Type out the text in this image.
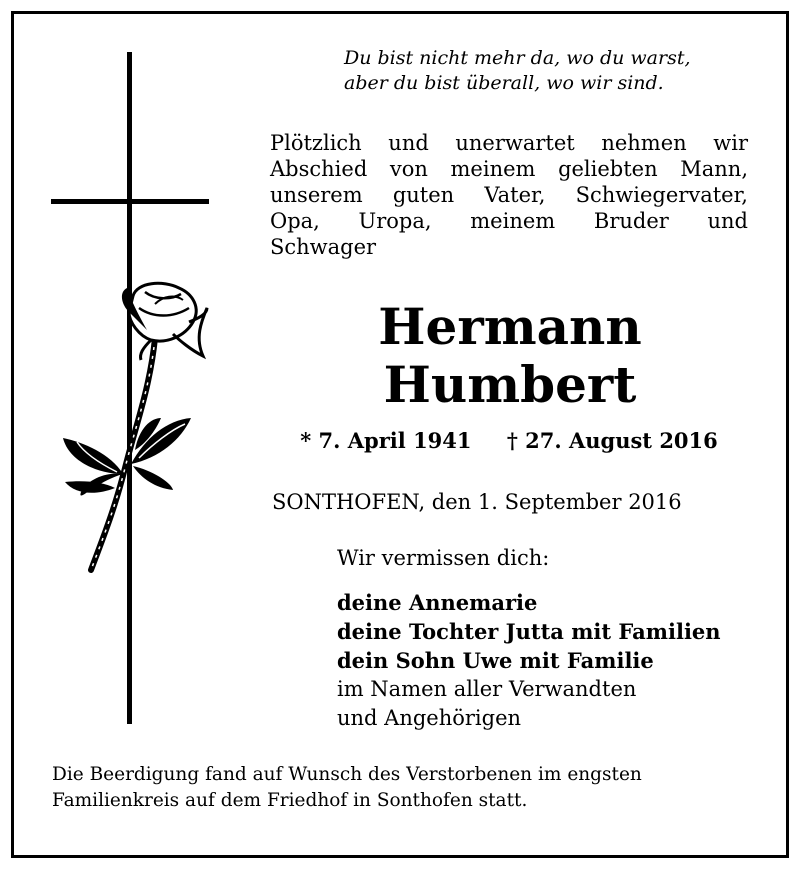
Du bist nicht mehr da, wo du warst,
aber du bist überall, wo wir sind.
Plötzlich und unerwartet nehmen wir
Abschied von meinem geliebten Mann,
unserem guten Vater, Schwiegervater,
Opa, Uropa, meinem Bruder und
Schwager
Hermann
Humbert
* 7. April 1941 † 27. August 2016
SONTHOFEN, den 1. September 2016
Wir vermissen dich:
deine Annemarie
deine Tochter Jutta mit Familien
dein Sohn Uwe mit Familie
im Namen aller Verwandten
und Angehörigen
Die Beerdigung fand auf Wunsch des Verstorbenen im engsten
Familienkreis auf dem Friedhof in Sonthofen statt.
